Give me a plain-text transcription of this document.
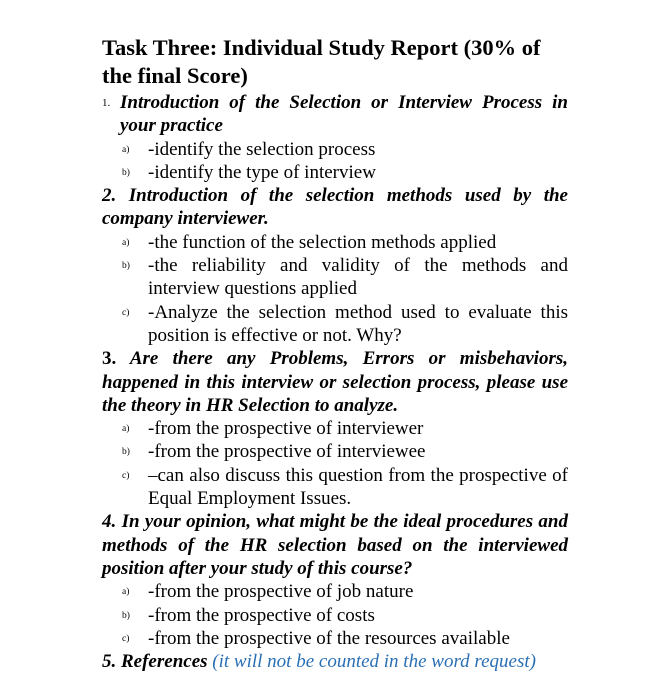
Task Three: Individual Study Report (30% of the final Score)
1. Introduction of the Selection or Interview Process in your practice
a) -identify the selection process
b) -identify the type of interview
2. Introduction of the selection methods used by the company interviewer.
a) -the function of the selection methods applied
b) -the reliability and validity of the methods and interview questions applied
c) -Analyze the selection method used to evaluate this position is effective or not. Why?
3. Are there any Problems, Errors or misbehaviors, happened in this interview or selection process, please use the theory in HR Selection to analyze.
a) -from the prospective of interviewer
b) -from the prospective of interviewee
c) –can also discuss this question from the prospective of Equal Employment Issues.
4. In your opinion, what might be the ideal procedures and methods of the HR selection based on the interviewed position after your study of this course?
a) -from the prospective of job nature
b) -from the prospective of costs
c) -from the prospective of the resources available
5. References (it will not be counted in the word request)
